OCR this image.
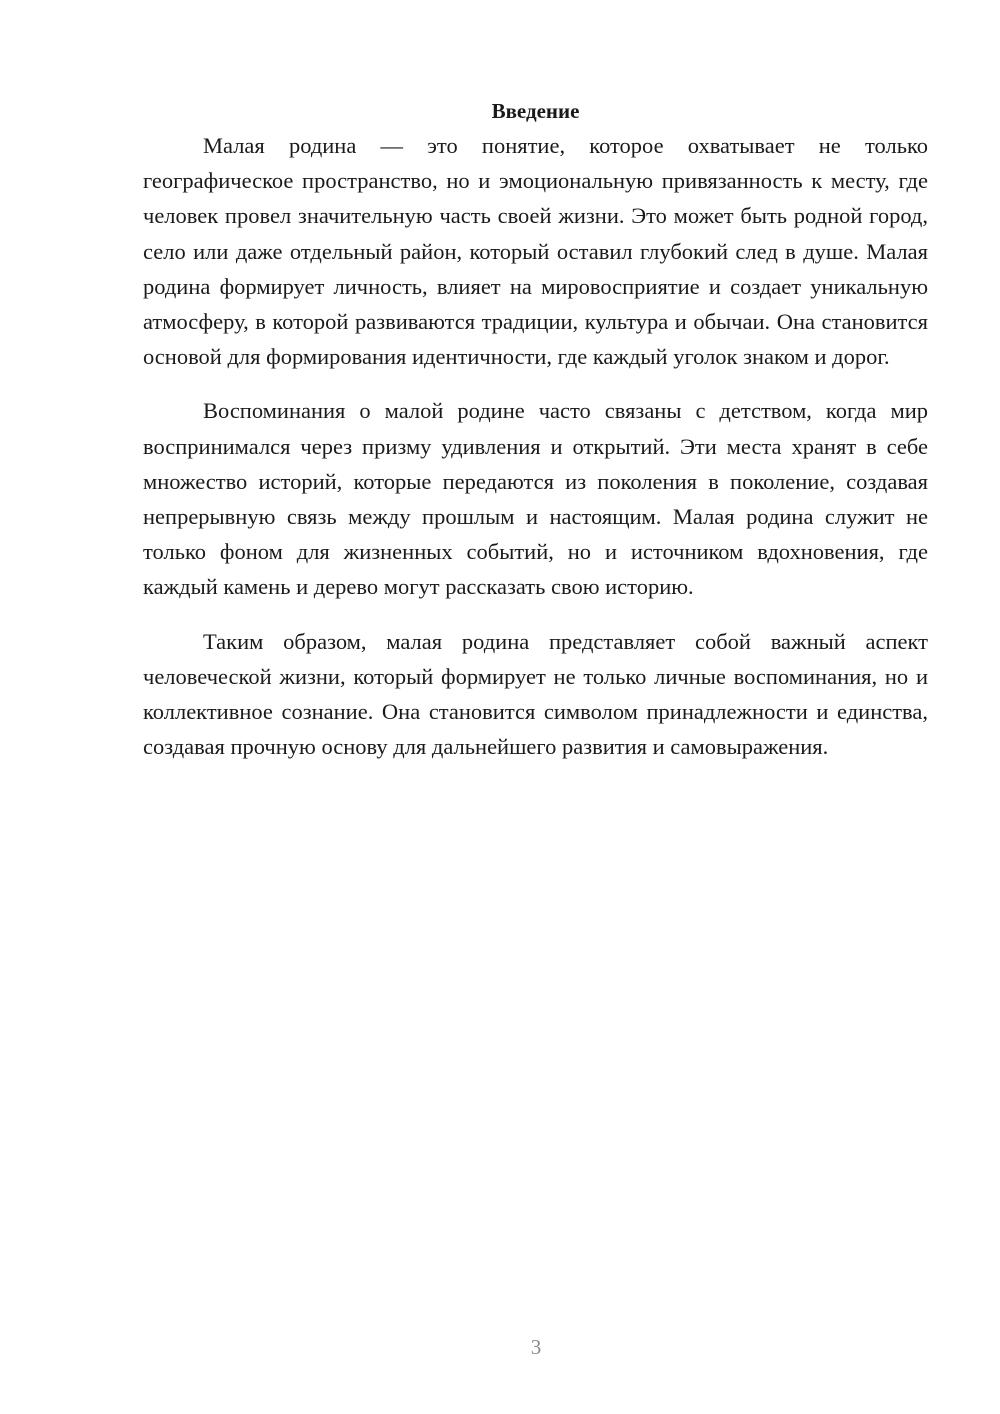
Введение

Малая родина — это понятие, которое охватывает не только географическое пространство, но и эмоциональную привязанность к месту, где человек провел значительную часть своей жизни. Это может быть родной город, село или даже отдельный район, который оставил глубокий след в душе. Малая родина формирует личность, влияет на мировосприятие и создает уникальную атмосферу, в которой развиваются традиции, культура и обычаи. Она становится основой для формирования идентичности, где каждый уголок знаком и дорог.

Воспоминания о малой родине часто связаны с детством, когда мир воспринимался через призму удивления и открытий. Эти места хранят в себе множество историй, которые передаются из поколения в поколение, создавая непрерывную связь между прошлым и настоящим. Малая родина служит не только фоном для жизненных событий, но и источником вдохновения, где каждый камень и дерево могут рассказать свою историю.

Таким образом, малая родина представляет собой важный аспект человеческой жизни, который формирует не только личные воспоминания, но и коллективное сознание. Она становится символом принадлежности и единства, создавая прочную основу для дальнейшего развития и самовыражения.

3
